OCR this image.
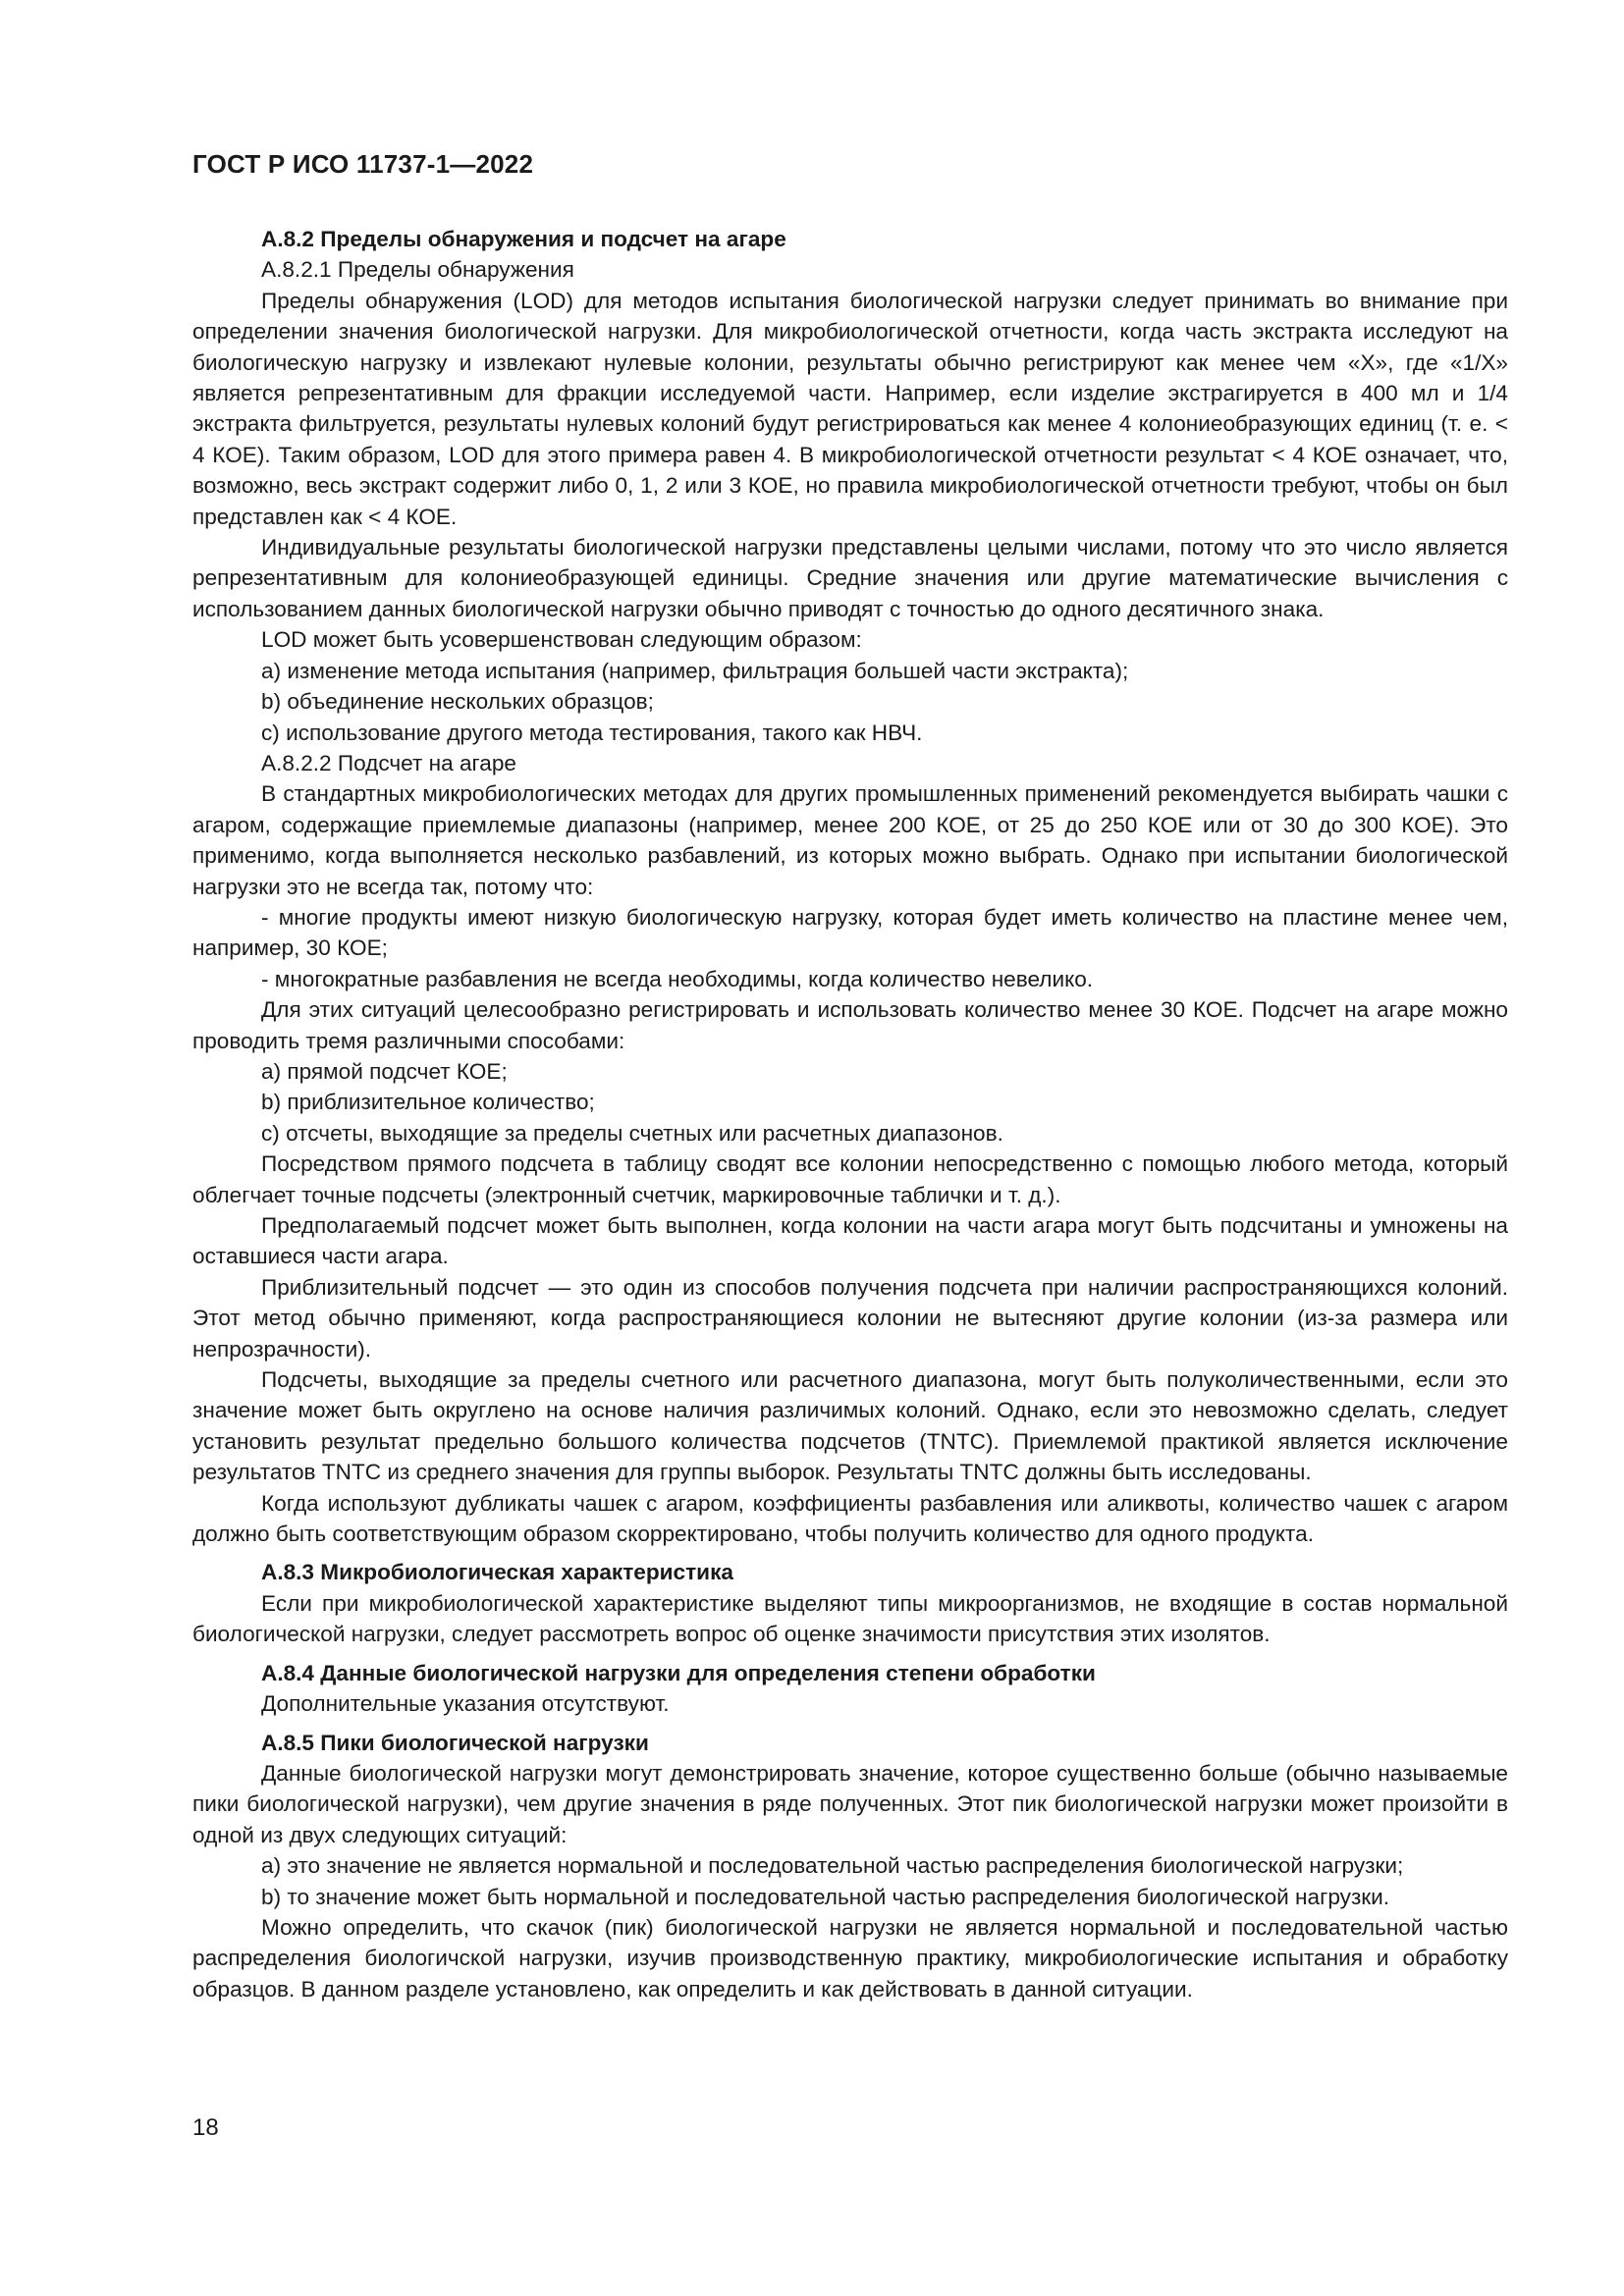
ГОСТ Р ИСО 11737-1—2022

А.8.2 Пределы обнаружения и подсчет на агаре

А.8.2.1 Пределы обнаружения

Пределы обнаружения (LOD) для методов испытания биологической нагрузки следует принимать во внимание при определении значения биологической нагрузки. Для микробиологической отчетности, когда часть экстракта исследуют на биологическую нагрузку и извлекают нулевые колонии, результаты обычно регистрируют как менее чем «X», где «1/X» является репрезентативным для фракции исследуемой части. Например, если изделие экстрагируется в 400 мл и 1/4 экстракта фильтруется, результаты нулевых колоний будут регистрироваться как менее 4 колониеобразующих единиц (т. е. < 4 КОЕ). Таким образом, LOD для этого примера равен 4. В микробиологической отчетности результат < 4 КОЕ означает, что, возможно, весь экстракт содержит либо 0, 1, 2 или 3 КОЕ, но правила микробиологической отчетности требуют, чтобы он был представлен как < 4 КОЕ.

Индивидуальные результаты биологической нагрузки представлены целыми числами, потому что это число является репрезентативным для колониеобразующей единицы. Средние значения или другие математические вычисления с использованием данных биологической нагрузки обычно приводят с точностью до одного десятичного знака.

LOD может быть усовершенствован следующим образом:

а) изменение метода испытания (например, фильтрация большей части экстракта);

b) объединение нескольких образцов;

с) использование другого метода тестирования, такого как НВЧ.

А.8.2.2 Подсчет на агаре

В стандартных микробиологических методах для других промышленных применений рекомендуется выбирать чашки с агаром, содержащие приемлемые диапазоны (например, менее 200 КОЕ, от 25 до 250 КОЕ или от 30 до 300 КОЕ). Это применимо, когда выполняется несколько разбавлений, из которых можно выбрать. Однако при испытании биологической нагрузки это не всегда так, потому что:

- многие продукты имеют низкую биологическую нагрузку, которая будет иметь количество на пластине менее чем, например, 30 КОЕ;

- многократные разбавления не всегда необходимы, когда количество невелико.

Для этих ситуаций целесообразно регистрировать и использовать количество менее 30 КОЕ. Подсчет на агаре можно проводить тремя различными способами:

а) прямой подсчет КОЕ;

b) приблизительное количество;

с) отсчеты, выходящие за пределы счетных или расчетных диапазонов.

Посредством прямого подсчета в таблицу сводят все колонии непосредственно с помощью любого метода, который облегчает точные подсчеты (электронный счетчик, маркировочные таблички и т. д.).

Предполагаемый подсчет может быть выполнен, когда колонии на части агара могут быть подсчитаны и умножены на оставшиеся части агара.

Приблизительный подсчет — это один из способов получения подсчета при наличии распространяющихся колоний. Этот метод обычно применяют, когда распространяющиеся колонии не вытесняют другие колонии (из-за размера или непрозрачности).

Подсчеты, выходящие за пределы счетного или расчетного диапазона, могут быть полуколичественными, если это значение может быть округлено на основе наличия различимых колоний. Однако, если это невозможно сделать, следует установить результат предельно большого количества подсчетов (TNTC). Приемлемой практикой является исключение результатов TNTC из среднего значения для группы выборок. Результаты TNTC должны быть исследованы.

Когда используют дубликаты чашек с агаром, коэффициенты разбавления или аликвоты, количество чашек с агаром должно быть соответствующим образом скорректировано, чтобы получить количество для одного продукта.

А.8.3 Микробиологическая характеристика

Если при микробиологической характеристике выделяют типы микроорганизмов, не входящие в состав нормальной биологической нагрузки, следует рассмотреть вопрос об оценке значимости присутствия этих изолятов.

А.8.4 Данные биологической нагрузки для определения степени обработки

Дополнительные указания отсутствуют.

А.8.5 Пики биологической нагрузки

Данные биологической нагрузки могут демонстрировать значение, которое существенно больше (обычно называемые пики биологической нагрузки), чем другие значения в ряде полученных. Этот пик биологической нагрузки может произойти в одной из двух следующих ситуаций:

а) это значение не является нормальной и последовательной частью распределения биологической нагрузки;

b) то значение может быть нормальной и последовательной частью распределения биологической нагрузки.

Можно определить, что скачок (пик) биологической нагрузки не является нормальной и последовательной частью распределения биологичской нагрузки, изучив производственную практику, микробиологические испытания и обработку образцов. В данном разделе установлено, как определить и как действовать в данной ситуации.

18
